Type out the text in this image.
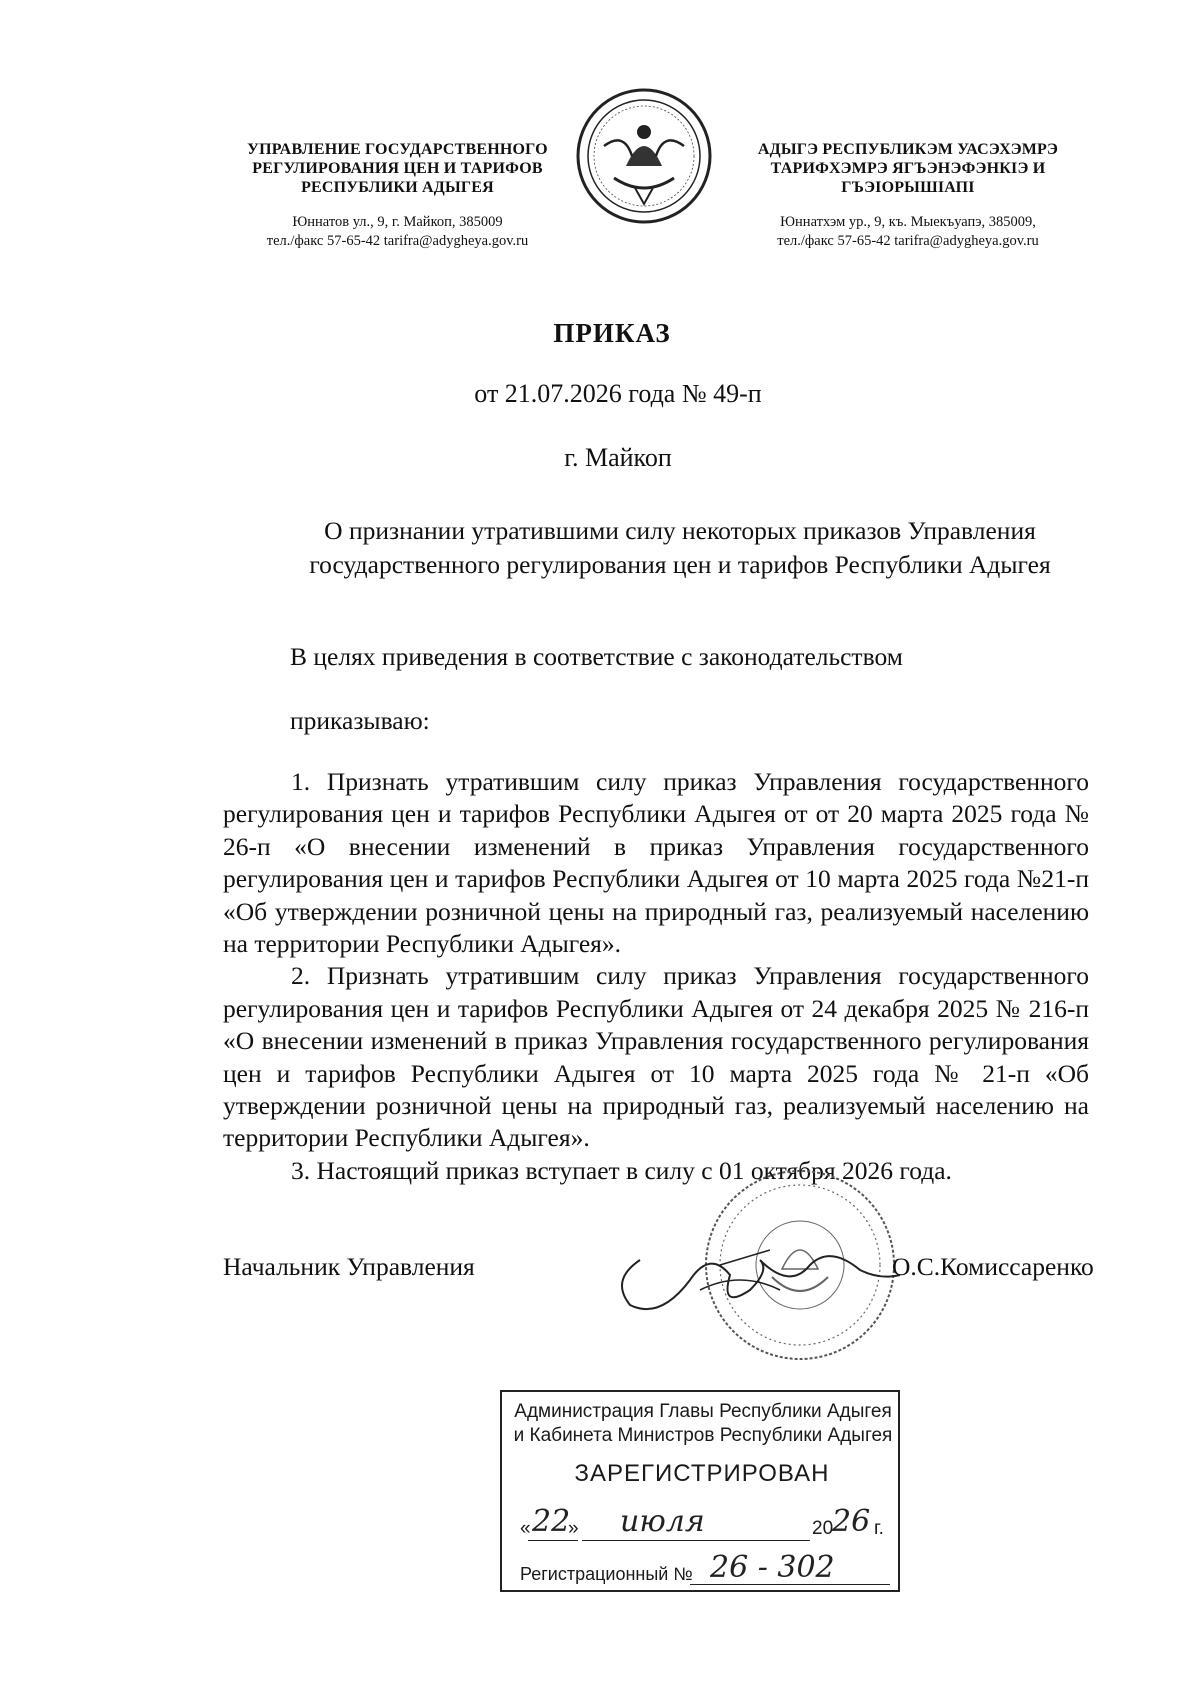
УПРАВЛЕНИЕ ГОСУДАРСТВЕННОГО
РЕГУЛИРОВАНИЯ ЦЕН И ТАРИФОВ
РЕСПУБЛИКИ АДЫГЕЯ
Юннатов ул., 9, г. Майкоп, 385009
тел./факс 57-65-42 tarifra@adygheya.gov.ru
АДЫГЭ РЕСПУБЛИКЭМ УАСЭХЭМРЭ
ТАРИФХЭМРЭ ЯГЪЭНЭФЭНКIЭ И
ГЪЭIОРЫШIАПI
Юннатхэм ур., 9, къ. Мыекъуапэ, 385009,
тел./факс 57-65-42 tarifra@adygheya.gov.ru
ПРИКАЗ
от 21.07.2026 года № 49-п
г. Майкоп
О признании утратившими силу некоторых приказов Управления
государственного регулирования цен и тарифов Республики Адыгея
В целях приведения в соответствие с законодательством
приказываю:

1. Признать утратившим силу приказ Управления государственного регулирования цен и тарифов Республики Адыгея от от 20 марта 2025 года № 26-п «О внесении изменений в приказ Управления государственного регулирования цен и тарифов Республики Адыгея от 10 марта 2025 года №21-п «Об утверждении розничной цены на природный газ, реализуемый населению на территории Республики Адыгея».

2. Признать утратившим силу приказ Управления государственного регулирования цен и тарифов Республики Адыгея от 24 декабря 2025 № 216-п «О внесении изменений в приказ Управления государственного регулирования цен и тарифов Республики Адыгея от 10 марта 2025 года № 21-п «Об утверждении розничной цены на природный газ, реализуемый населению на территории Республики Адыгея».

3. Настоящий приказ вступает в силу с 01 октября 2026 года.

Начальник Управления	О.С.Комиссаренко
Администрация Главы Республики Адыгея
и Кабинета Министров Республики Адыгея
ЗАРЕГИСТРИРОВАН
« 22
» июля	20
26 г.
Регистрационный № 26 - 302
